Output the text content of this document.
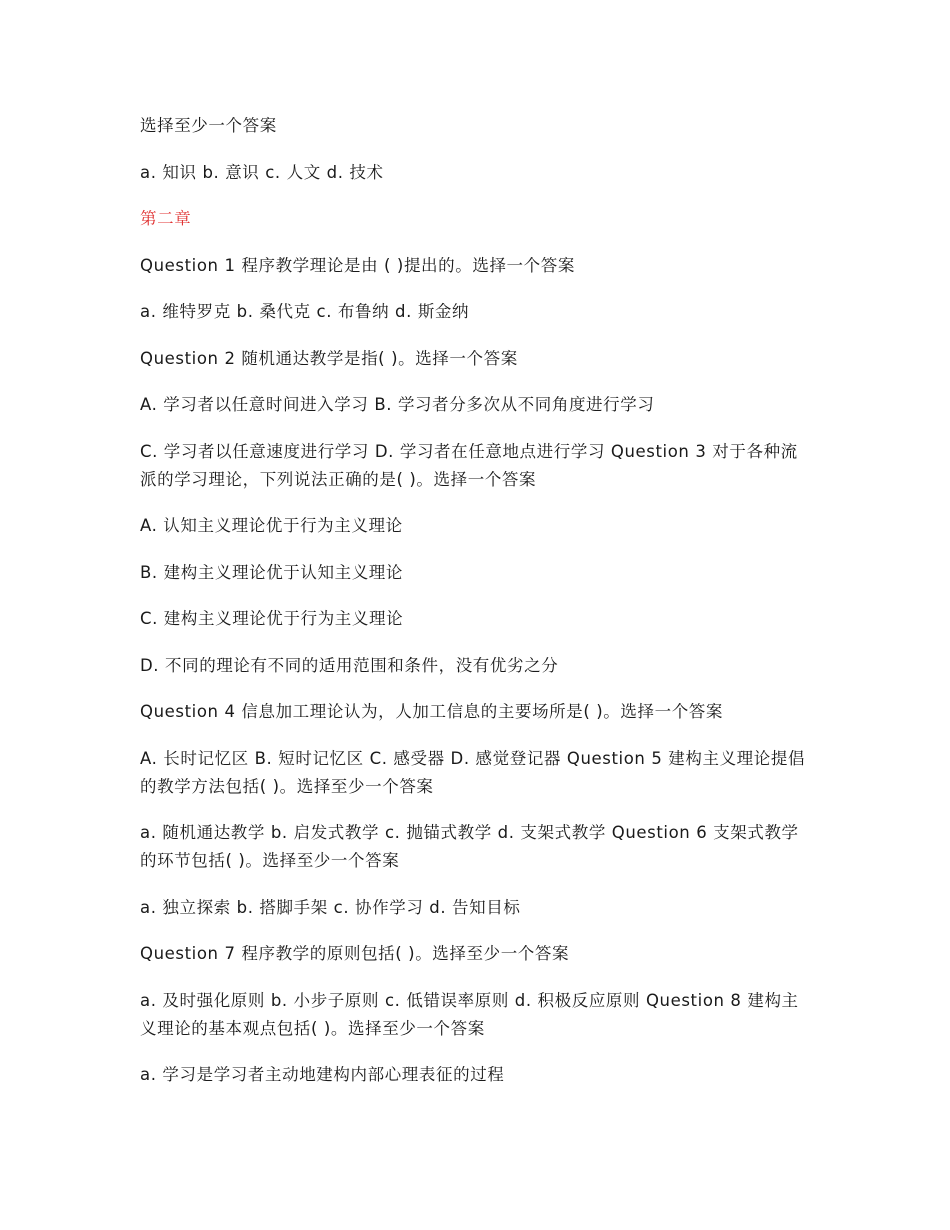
选择至少一个答案

a. 知识 b. 意识 c. 人文 d. 技术

第二章

Question 1 程序教学理论是由 ( )提出的。选择一个答案

a. 维特罗克 b. 桑代克 c. 布鲁纳 d. 斯金纳

Question 2 随机通达教学是指( )。选择一个答案

A. 学习者以任意时间进入学习 B. 学习者分多次从不同角度进行学习

C. 学习者以任意速度进行学习 D. 学习者在任意地点进行学习 Question 3 对于各种流派的学习理论，下列说法正确的是( )。选择一个答案

A. 认知主义理论优于行为主义理论

B. 建构主义理论优于认知主义理论

C. 建构主义理论优于行为主义理论

D. 不同的理论有不同的适用范围和条件，没有优劣之分

Question 4 信息加工理论认为，人加工信息的主要场所是( )。选择一个答案

A. 长时记忆区 B. 短时记忆区 C. 感受器 D. 感觉登记器 Question 5 建构主义理论提倡的教学方法包括( )。选择至少一个答案

a. 随机通达教学 b. 启发式教学 c. 抛锚式教学 d. 支架式教学 Question 6 支架式教学的环节包括( )。选择至少一个答案

a. 独立探索 b. 搭脚手架 c. 协作学习 d. 告知目标

Question 7 程序教学的原则包括( )。选择至少一个答案

a. 及时强化原则 b. 小步子原则 c. 低错误率原则 d. 积极反应原则 Question 8 建构主义理论的基本观点包括( )。选择至少一个答案

a. 学习是学习者主动地建构内部心理表征的过程
